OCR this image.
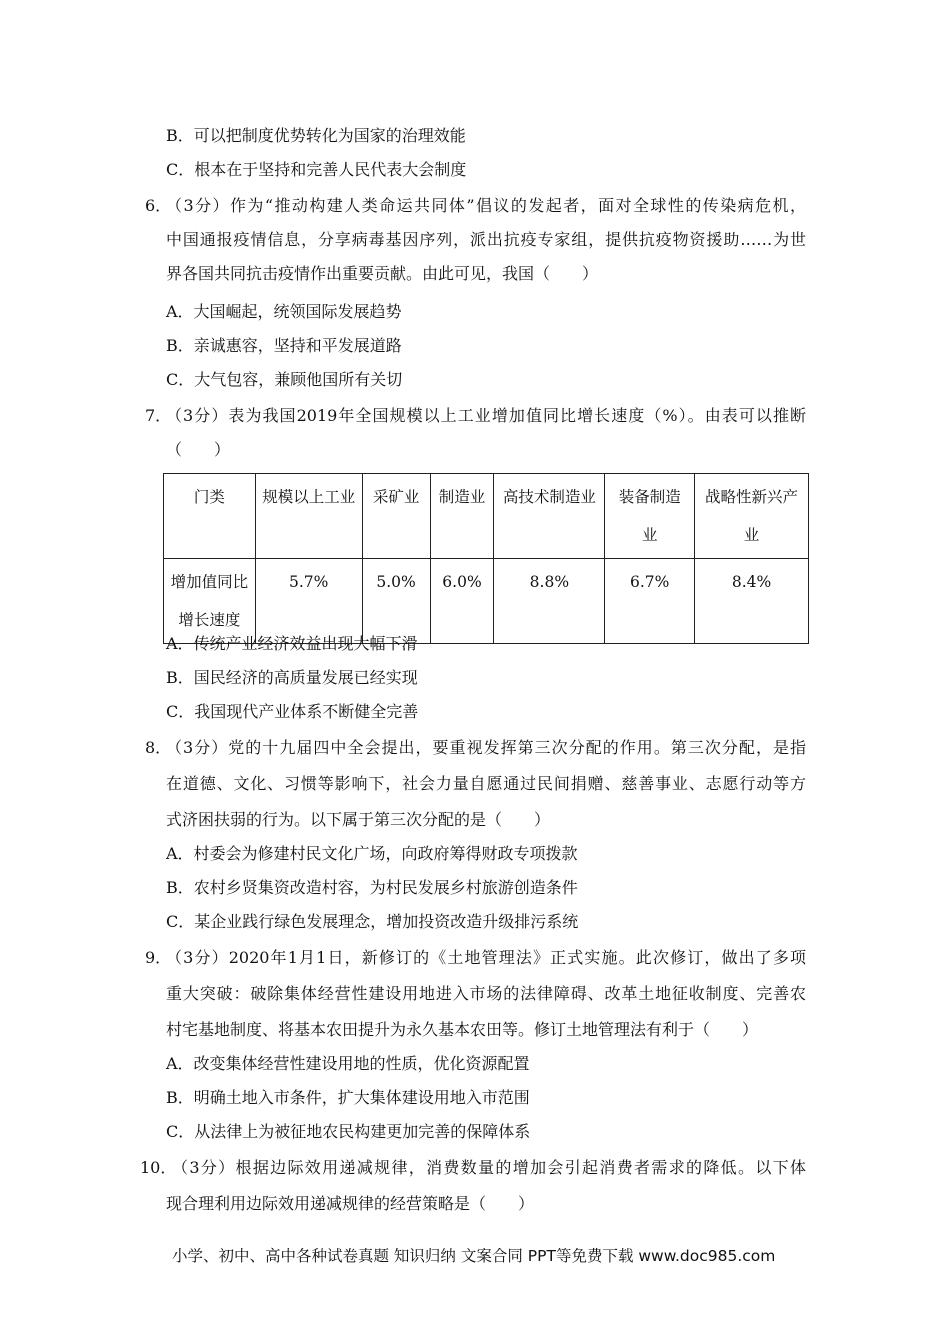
B．可以把制度优势转化为国家的治理效能
C．根本在于坚持和完善人民代表大会制度
6．
（3分）作为“推动构建人类命运共同体”倡议的发起者，面对全球性的传染病危机，
中国通报疫情信息，分享病毒基因序列，派出抗疫专家组，提供抗疫物资援助……为世
界各国共同抗击疫情作出重要贡献。由此可见，我国（　　）
A．大国崛起，统领国际发展趋势
B．亲诚惠容，坚持和平发展道路
C．大气包容，兼顾他国所有关切
7．
（3分）表为我国2019年全国规模以上工业增加值同比增长速度（%）。由表可以推断
（　　）
门类	规模以上工业	采矿业	制造业	高技术制造业	装备制造业	战略性新兴产业
增加值同比增长速度	5.7%	5.0%	6.0%	8.8%	6.7%	8.4%
A．传统产业经济效益出现大幅下滑
B．国民经济的高质量发展已经实现
C．我国现代产业体系不断健全完善
8．
（3分）党的十九届四中全会提出，要重视发挥第三次分配的作用。第三次分配，是指
在道德、文化、习惯等影响下，社会力量自愿通过民间捐赠、慈善事业、志愿行动等方
式济困扶弱的行为。以下属于第三次分配的是（　　）
A．村委会为修建村民文化广场，向政府筹得财政专项拨款
B．农村乡贤集资改造村容，为村民发展乡村旅游创造条件
C．某企业践行绿色发展理念，增加投资改造升级排污系统
9．
（3分）2020年1月1日，新修订的《土地管理法》正式实施。此次修订，做出了多项
重大突破：破除集体经营性建设用地进入市场的法律障碍、改革土地征收制度、完善农
村宅基地制度、将基本农田提升为永久基本农田等。修订土地管理法有利于（　　）
A．改变集体经营性建设用地的性质，优化资源配置
B．明确土地入市条件，扩大集体建设用地入市范围
C．从法律上为被征地农民构建更加完善的保障体系
10．
（3分）根据边际效用递减规律，消费数量的增加会引起消费者需求的降低。以下体
现合理利用边际效用递减规律的经营策略是（　　）
小学、初中、高中各种试卷真题 知识归纳 文案合同 PPT等免费下载 www.doc985.com
